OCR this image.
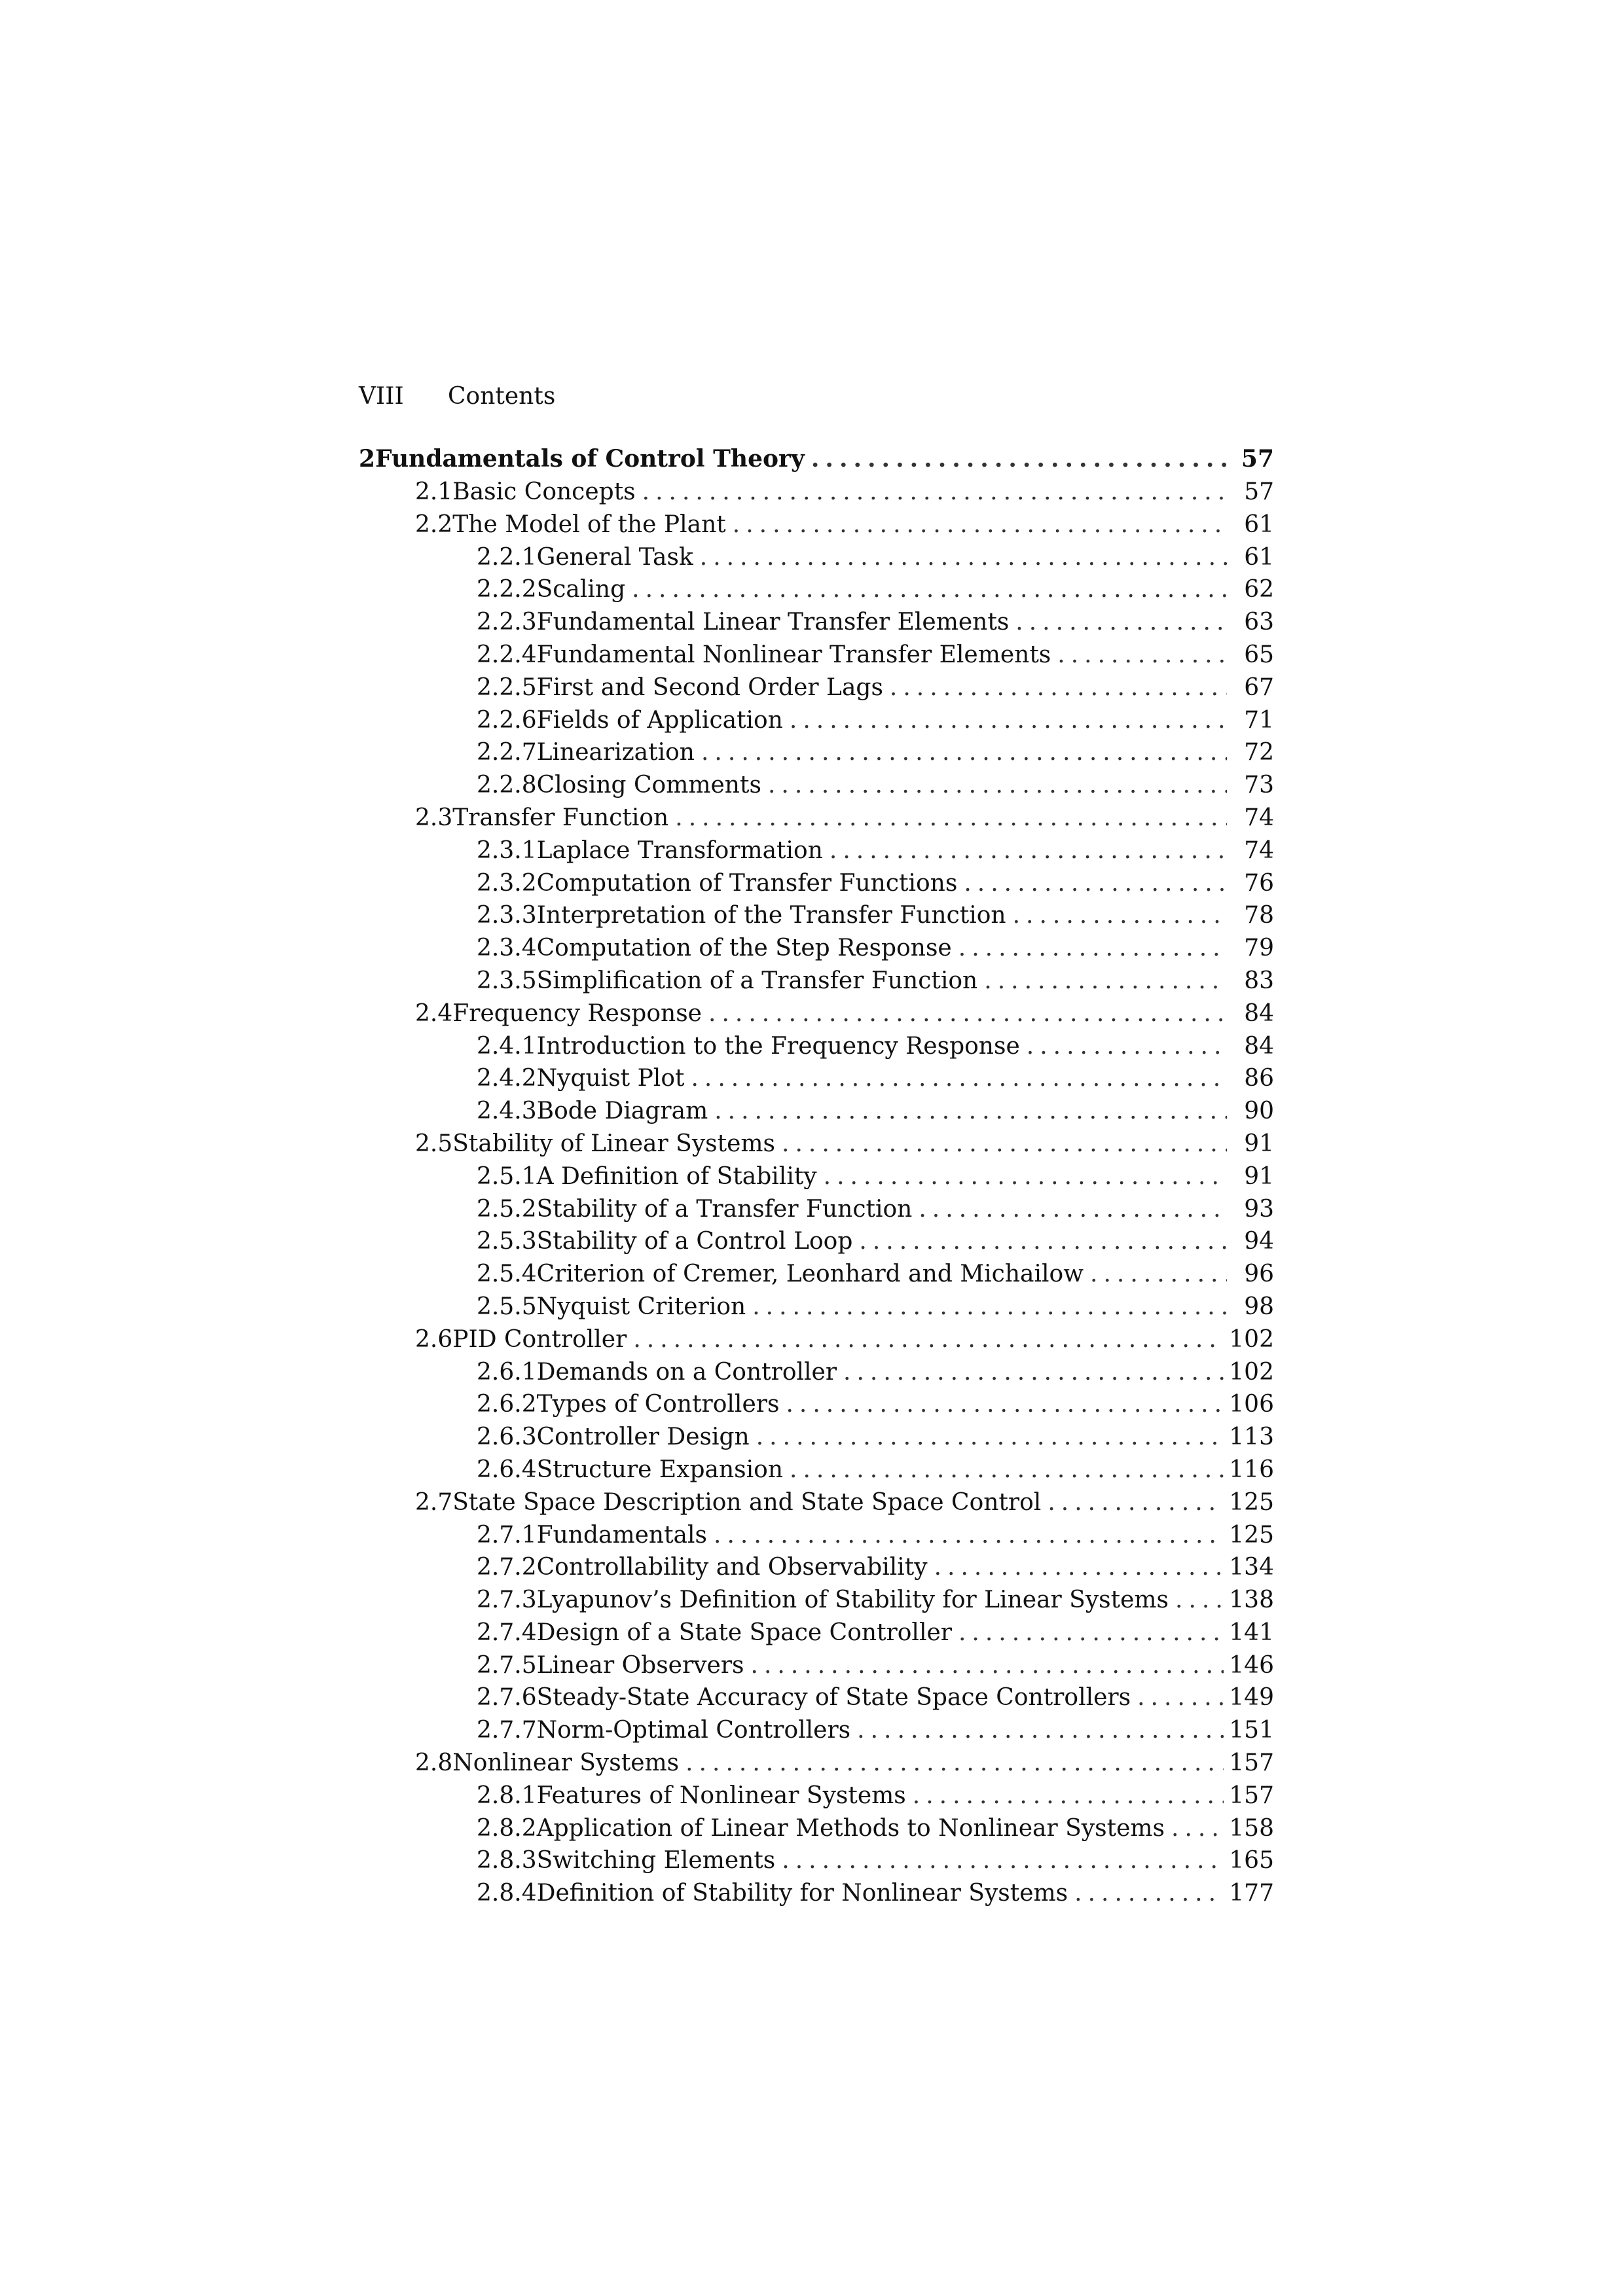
VIII	Contents
2 Fundamentals of Control Theory .....	57
2.1 Basic Concepts .....	57
2.2 The Model of the Plant .....	61
2.2.1 General Task .....	61
2.2.2 Scaling .....	62
2.2.3 Fundamental Linear Transfer Elements .....	63
2.2.4 Fundamental Nonlinear Transfer Elements .....	65
2.2.5 First and Second Order Lags .....	67
2.2.6 Fields of Application .....	71
2.2.7 Linearization .....	72
2.2.8 Closing Comments .....	73
2.3 Transfer Function .....	74
2.3.1 Laplace Transformation .....	74
2.3.2 Computation of Transfer Functions .....	76
2.3.3 Interpretation of the Transfer Function .....	78
2.3.4 Computation of the Step Response .....	79
2.3.5 Simplification of a Transfer Function .....	83
2.4 Frequency Response .....	84
2.4.1 Introduction to the Frequency Response .....	84
2.4.2 Nyquist Plot .....	86
2.4.3 Bode Diagram .....	90
2.5 Stability of Linear Systems .....	91
2.5.1 A Definition of Stability .....	91
2.5.2 Stability of a Transfer Function .....	93
2.5.3 Stability of a Control Loop .....	94
2.5.4 Criterion of Cremer, Leonhard and Michailow .....	96
2.5.5 Nyquist Criterion .....	98
2.6 PID Controller .....	102
2.6.1 Demands on a Controller .....	102
2.6.2 Types of Controllers .....	106
2.6.3 Controller Design .....	113
2.6.4 Structure Expansion .....	116
2.7 State Space Description and State Space Control .....	125
2.7.1 Fundamentals .....	125
2.7.2 Controllability and Observability .....	134
2.7.3 Lyapunov’s Definition of Stability for Linear Systems .....	138
2.7.4 Design of a State Space Controller .....	141
2.7.5 Linear Observers .....	146
2.7.6 Steady-State Accuracy of State Space Controllers .....	149
2.7.7 Norm-Optimal Controllers .....	151
2.8 Nonlinear Systems .....	157
2.8.1 Features of Nonlinear Systems .....	157
2.8.2 Application of Linear Methods to Nonlinear Systems .....	158
2.8.3 Switching Elements .....	165
2.8.4 Definition of Stability for Nonlinear Systems .....	177
